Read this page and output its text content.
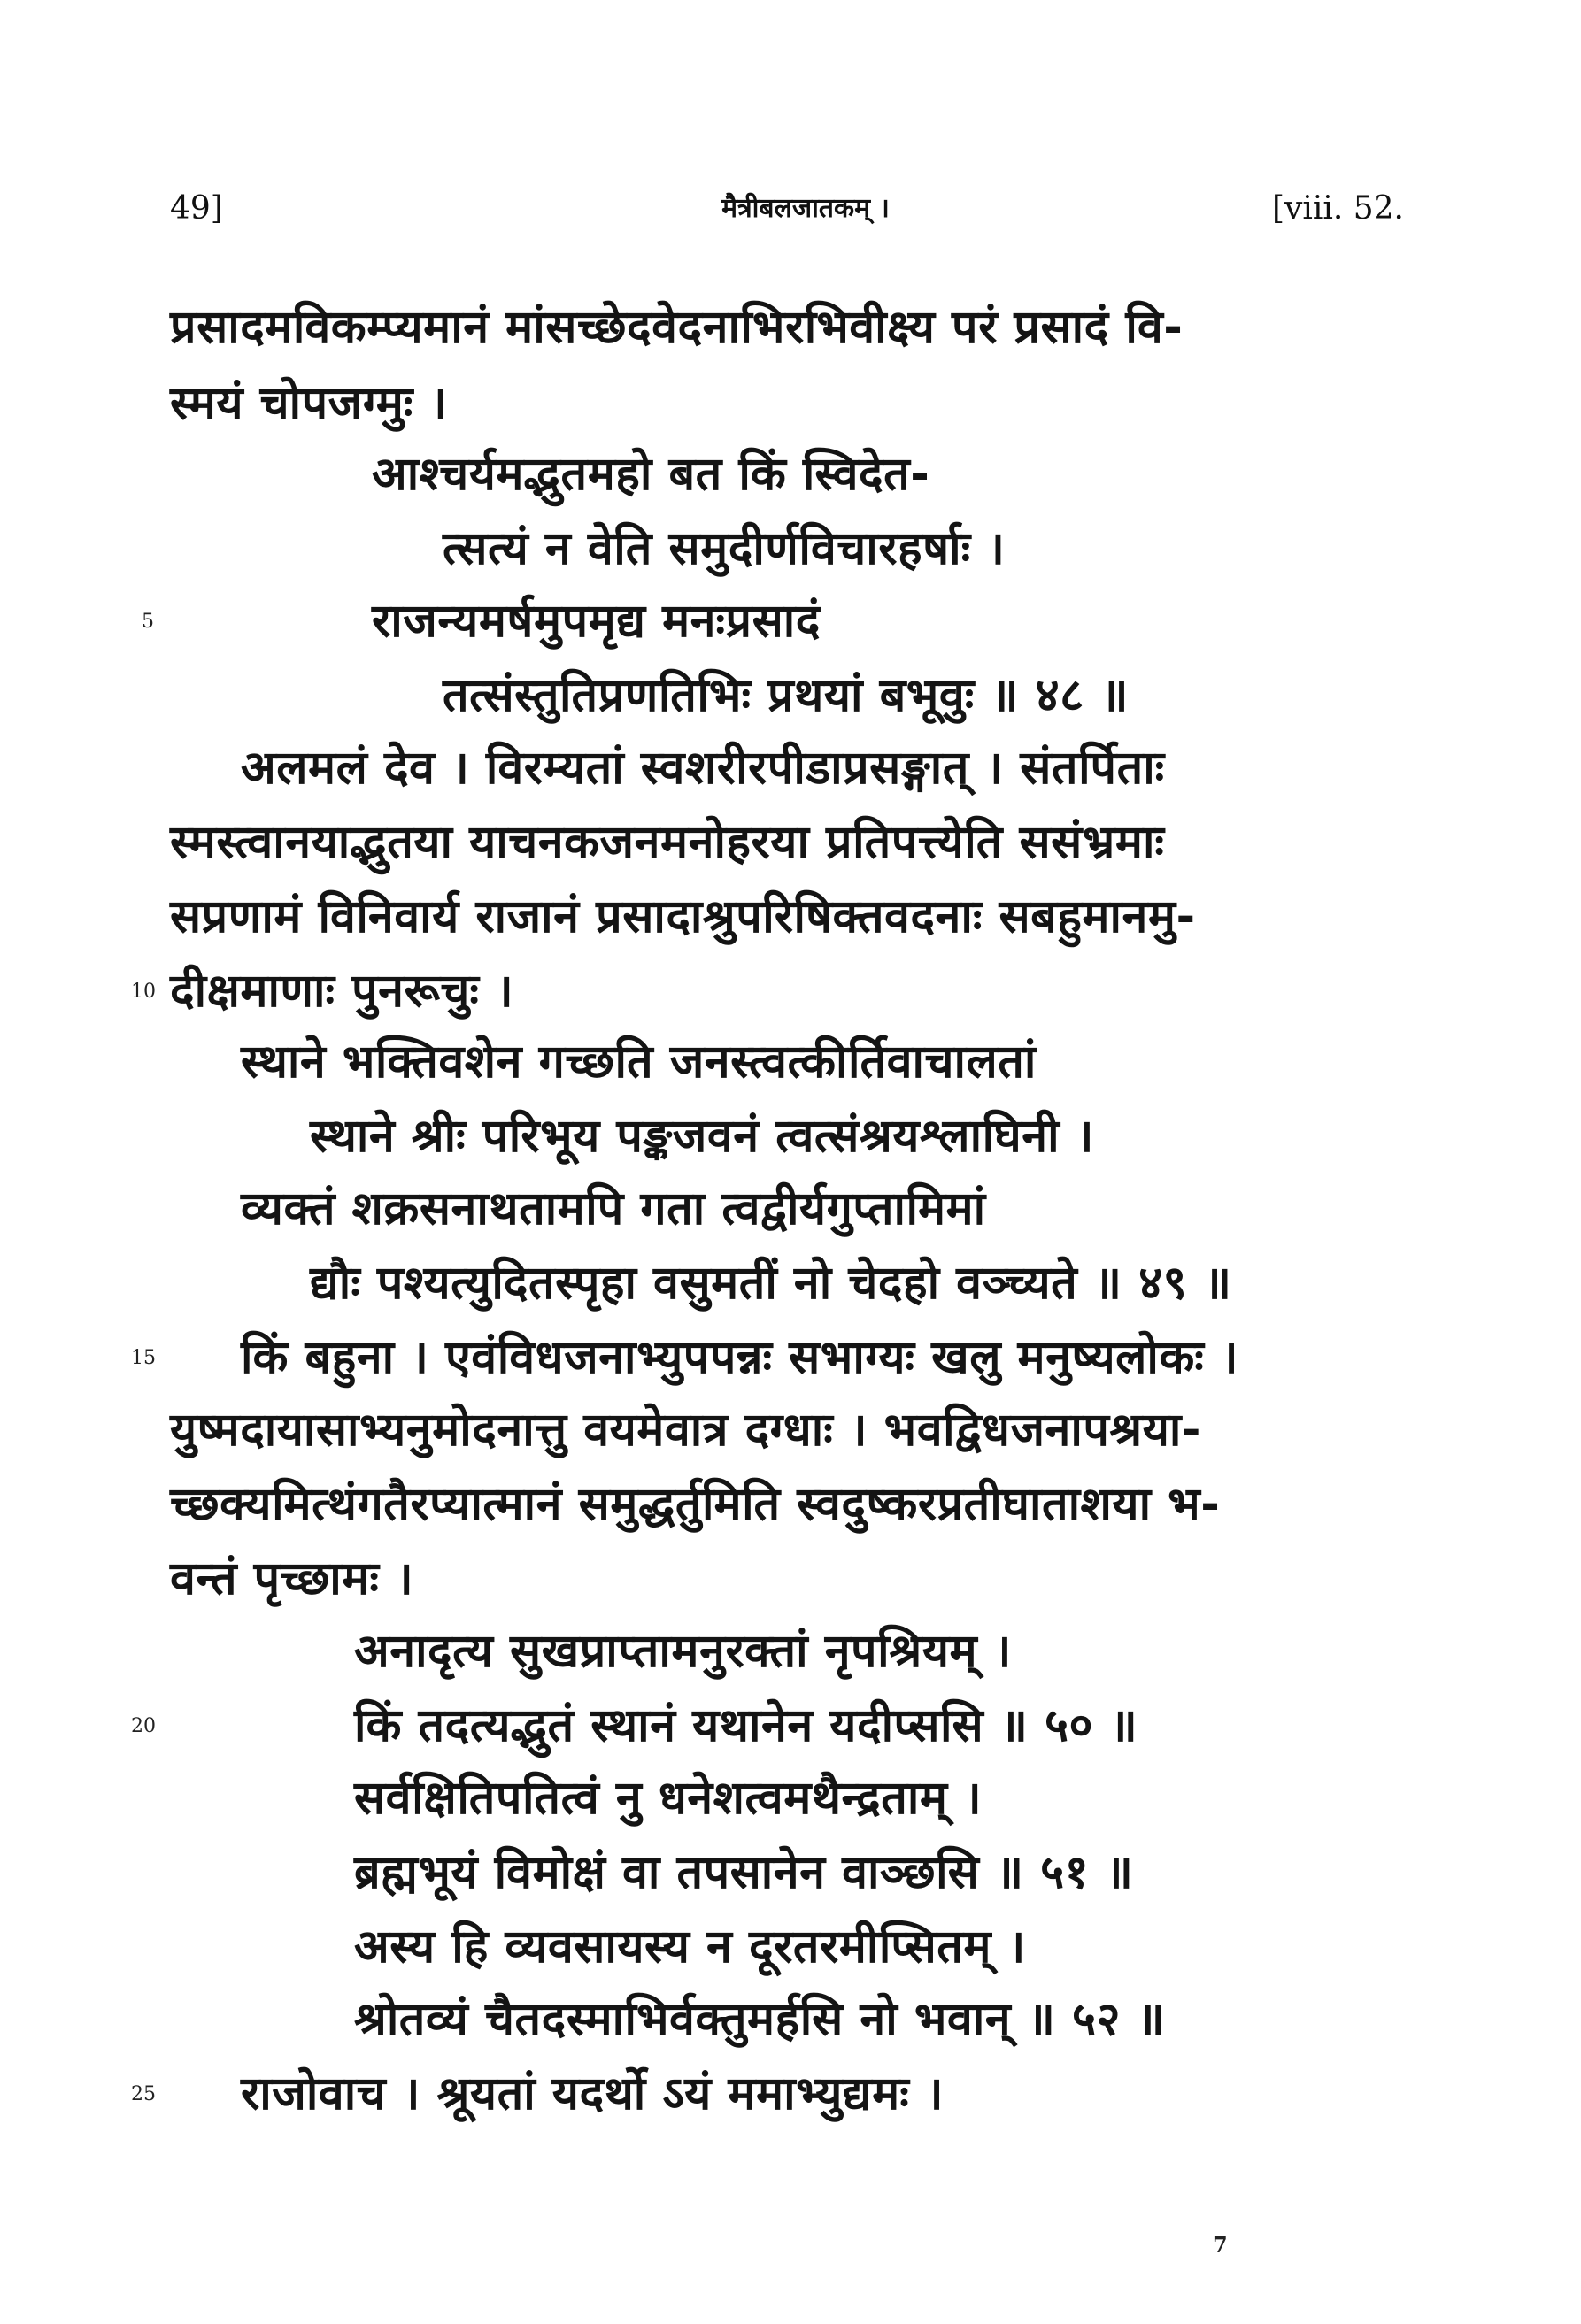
49]	मैत्रीबलजातकम् ।	[viii. 52.
प्रसादमविकम्प्यमानं मांसच्छेदवेदनाभिरभिवीक्ष्य परं प्रसादं वि-
स्मयं चोपजग्मुः ।
आश्चर्यमद्भुतमहो बत किं स्विदेत-
त्सत्यं न वेति समुदीर्णविचारहर्षाः ।
राजन्यमर्षमुपमृद्य मनःप्रसादं
तत्संस्तुतिप्रणतिभिः प्रथयां बभूवुः ॥ ४८ ॥
अलमलं देव । विरम्यतां स्वशरीरपीडाप्रसङ्गात् । संतर्पिताः
स्मस्त्वानयाद्भुतया याचनकजनमनोहरया प्रतिपत्त्येति ससंभ्रमाः
सप्रणामं विनिवार्य राजानं प्रसादाश्रुपरिषिक्तवदनाः सबहुमानमु-
दीक्षमाणाः पुनरूचुः ।
स्थाने भक्तिवशेन गच्छति जनस्त्वत्कीर्तिवाचालतां
स्थाने श्रीः परिभूय पङ्कजवनं त्वत्संश्रयश्लाघिनी ।
व्यक्तं शक्रसनाथतामपि गता त्वद्वीर्यगुप्तामिमां
द्यौः पश्यत्युदितस्पृहा वसुमतीं नो चेदहो वञ्च्यते ॥ ४९ ॥
किं बहुना । एवंविधजनाभ्युपपन्नः सभाग्यः खलु मनुष्यलोकः ।
युष्मदायासाभ्यनुमोदनात्तु वयमेवात्र दग्धाः । भवद्विधजनापश्रया-
च्छक्यमित्थंगतैरप्यात्मानं समुद्धर्तुमिति स्वदुष्करप्रतीघाताशया भ-
वन्तं पृच्छामः ।
अनादृत्य सुखप्राप्तामनुरक्तां नृपश्रियम् ।
किं तदत्यद्भुतं स्थानं यथानेन यदीप्ससि ॥ ५० ॥
सर्वक्षितिपतित्वं नु धनेशत्वमथैन्द्रताम् ।
ब्रह्मभूयं विमोक्षं वा तपसानेन वाञ्छसि ॥ ५१ ॥
अस्य हि व्यवसायस्य न दूरतरमीप्सितम् ।
श्रोतव्यं चैतदस्माभिर्वक्तुमर्हसि नो भवान् ॥ ५२ ॥
राजोवाच । श्रूयतां यदर्थो ऽयं ममाभ्युद्यमः ।
5
10
15
20
25
7
